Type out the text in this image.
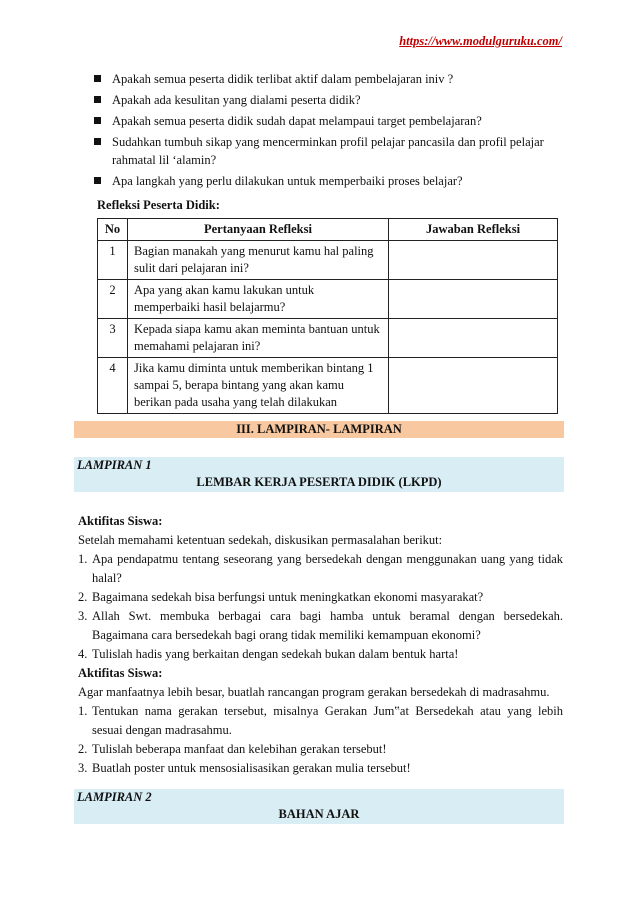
https://www.modulguruku.com/
Apakah semua peserta didik terlibat aktif dalam pembelajaran iniv ?
Apakah ada kesulitan yang dialami peserta didik?
Apakah semua peserta didik sudah dapat melampaui target pembelajaran?
Sudahkan tumbuh sikap yang mencerminkan profil pelajar pancasila dan profil pelajar rahmatal lil ‘alamin?
Apa langkah yang perlu dilakukan untuk memperbaiki proses belajar?
Refleksi Peserta Didik:
No	Pertanyaan Refleksi	Jawaban Refleksi
1	Bagian manakah yang menurut kamu hal paling sulit dari pelajaran ini?	
2	Apa yang akan kamu lakukan untuk memperbaiki hasil belajarmu?	
3	Kepada siapa kamu akan meminta bantuan untuk memahami pelajaran ini?	
4	Jika kamu diminta untuk memberikan bintang 1 sampai 5, berapa bintang yang akan kamu berikan pada usaha yang telah dilakukan	
III. LAMPIRAN- LAMPIRAN
LAMPIRAN 1
LEMBAR KERJA PESERTA DIDIK (LKPD)
Aktifitas Siswa:
Setelah memahami ketentuan sedekah, diskusikan permasalahan berikut:
1. Apa pendapatmu tentang seseorang yang bersedekah dengan menggunakan uang yang tidak halal?
2. Bagaimana sedekah bisa berfungsi untuk meningkatkan ekonomi masyarakat?
3. Allah Swt. membuka berbagai cara bagi hamba untuk beramal dengan bersedekah. Bagaimana cara bersedekah bagi orang tidak memiliki kemampuan ekonomi?
4. Tulislah hadis yang berkaitan dengan sedekah bukan dalam bentuk harta!
Aktifitas Siswa:
Agar manfaatnya lebih besar, buatlah rancangan program gerakan bersedekah di madrasahmu.
1. Tentukan nama gerakan tersebut, misalnya Gerakan Jum‟at Bersedekah atau yang lebih sesuai dengan madrasahmu.
2. Tulislah beberapa manfaat dan kelebihan gerakan tersebut!
3. Buatlah poster untuk mensosialisasikan gerakan mulia tersebut!
LAMPIRAN 2
BAHAN AJAR
